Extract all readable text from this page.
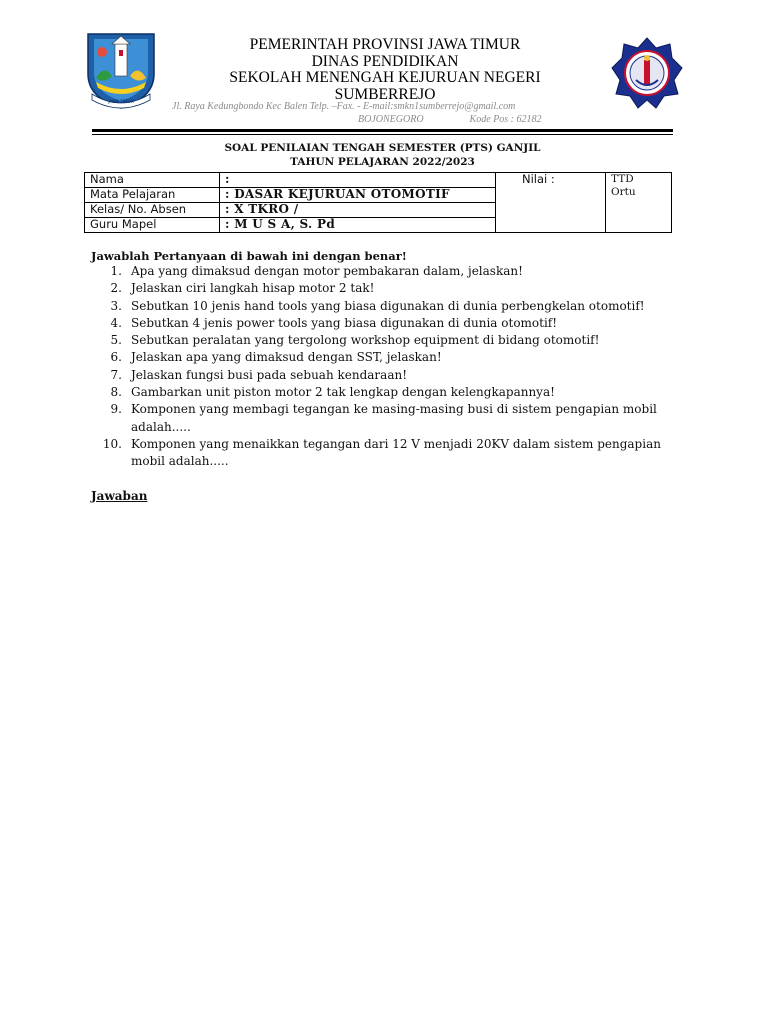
JAWA TIMUR
PEMERINTAH PROVINSI JAWA TIMUR
DINAS PENDIDIKAN
SEKOLAH MENENGAH KEJURUAN NEGERI
SUMBERREJO
Jl. Raya Kedungbondo Kec Balen Telp. –Fax. - E-mail:smkn1sumberrejo@gmail.com
BOJONEGORO	Kode Pos : 62182
SOAL PENILAIAN TENGAH SEMESTER (PTS) GANJIL
TAHUN PELAJARAN 2022/2023
Nama	:	Nilai :	TTD Ortu
Mata Pelajaran	: DASAR KEJURUAN OTOMOTIF		
Kelas/ No. Absen	: X TKRO /		
Guru Mapel	: M U S A, S. Pd		
Jawablah Pertanyaan di bawah ini dengan benar!
1. Apa yang dimaksud dengan motor pembakaran dalam, jelaskan!
2. Jelaskan ciri langkah hisap motor 2 tak!
3. Sebutkan 10 jenis hand tools yang biasa digunakan di dunia perbengkelan otomotif!
4. Sebutkan 4 jenis power tools yang biasa digunakan di dunia otomotif!
5. Sebutkan peralatan yang tergolong workshop equipment di bidang otomotif!
6. Jelaskan apa yang dimaksud dengan SST, jelaskan!
7. Jelaskan fungsi busi pada sebuah kendaraan!
8. Gambarkan unit piston motor 2 tak lengkap dengan kelengkapannya!
9. Komponen yang membagi tegangan ke masing-masing busi di sistem pengapian mobil adalah.....
10. Komponen yang menaikkan tegangan dari 12 V menjadi 20KV dalam sistem pengapian mobil adalah.....
Jawaban
